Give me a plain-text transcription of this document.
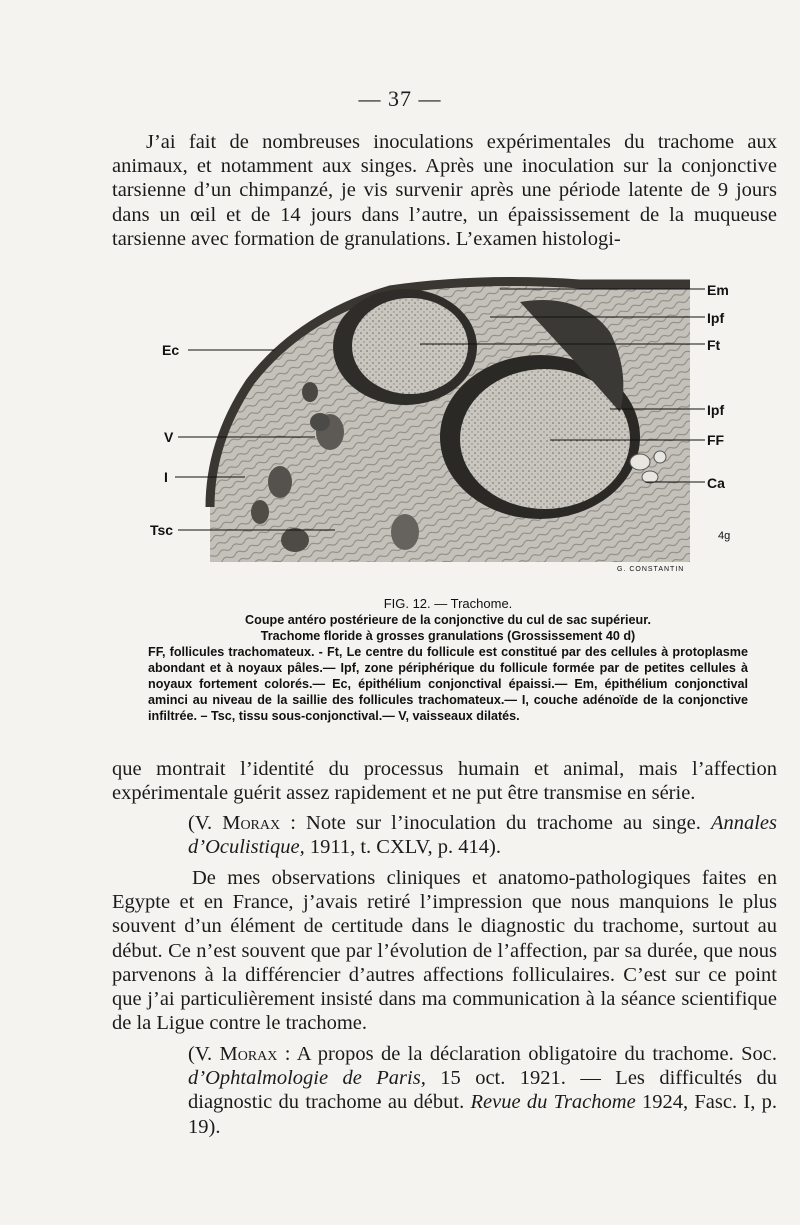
— 37 —

J’ai fait de nombreuses inoculations expérimentales du trachome aux animaux, et notamment aux singes. Après une inoculation sur la conjonctive tarsienne d’un chimpanzé, je vis survenir après une période latente de 9 jours dans un œil et de 14 jours dans l’autre, un épaississement de la muqueuse tarsienne avec formation de granulations. L’examen histologi-

Ec
V
I
Tsc
Em
Ipf
Ft
Ipf
FF
Ca
4g
G. CONSTANTIN
FIG. 12. — Trachome.
Coupe antéro postérieure de la conjonctive du cul de sac supérieur.
Trachome floride à grosses granulations (Grossissement 40 d)
FF, follicules trachomateux. - Ft, Le centre du follicule est constitué par des cellules à protoplasme abondant et à noyaux pâles.— Ipf, zone périphérique du follicule formée par de petites cellules à noyaux fortement colorés.— Ec, épithélium conjonctival épaissi.— Em, épithélium conjonctival aminci au niveau de la saillie des follicules trachomateux.— I, couche adénoïde de la conjonctive infiltrée. – Tsc, tissu sous-conjonctival.— V, vaisseaux dilatés.

que montrait l’identité du processus humain et animal, mais l’affection expérimentale guérit assez rapidement et ne put être transmise en série.

(V. Morax : Note sur l’inoculation du trachome au singe. Annales d’Oculistique, 1911, t. CXLV, p. 414).

De mes observations cliniques et anatomo-pathologiques faites en Egypte et en France, j’avais retiré l’impression que nous manquions le plus souvent d’un élément de certitude dans le diagnostic du trachome, surtout au début. Ce n’est souvent que par l’évolution de l’affection, par sa durée, que nous parvenons à la différencier d’autres affections folliculaires. C’est sur ce point que j’ai particulièrement insisté dans ma communication à la séance scientifique de la Ligue contre le trachome.

(V. Morax : A propos de la déclaration obligatoire du trachome. Soc. d’Ophtalmologie de Paris, 15 oct. 1921. — Les difficultés du diagnostic du trachome au début. Revue du Trachome 1924, Fasc. I, p. 19).
